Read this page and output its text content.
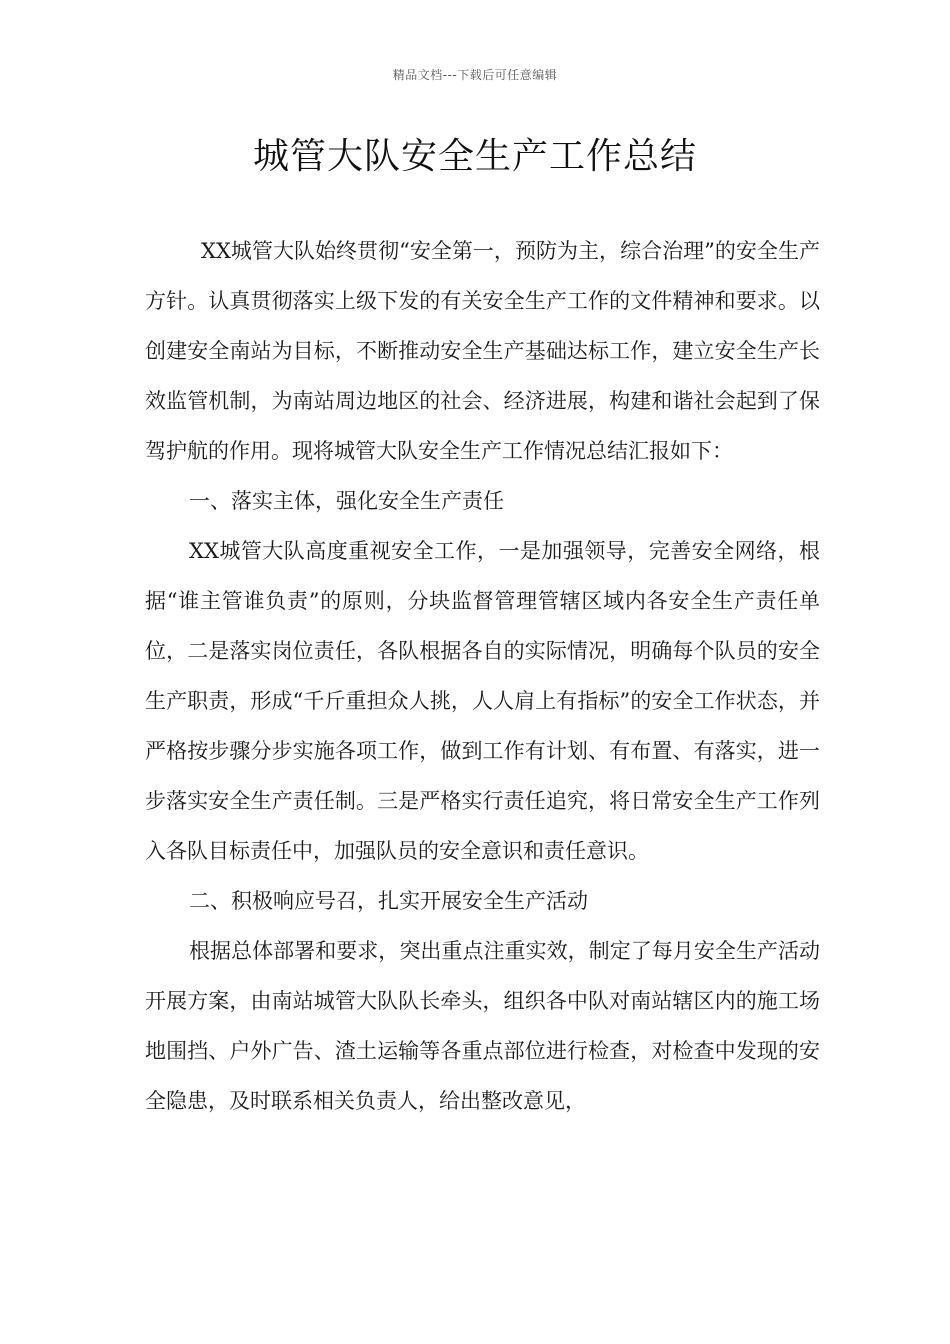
精品文档---下载后可任意编辑
城管大队安全生产工作总结

XX城管大队始终贯彻“安全第一，预防为主，综合治理”的安全生产方针。认真贯彻落实上级下发的有关安全生产工作的文件精神和要求。以创建安全南站为目标，不断推动安全生产基础达标工作，建立安全生产长效监管机制，为南站周边地区的社会、经济进展，构建和谐社会起到了保驾护航的作用。现将城管大队安全生产工作情况总结汇报如下：

一、落实主体，强化安全生产责任

XX城管大队高度重视安全工作，一是加强领导，完善安全网络，根据“谁主管谁负责”的原则，分块监督管理管辖区域内各安全生产责任单位，二是落实岗位责任，各队根据各自的实际情况，明确每个队员的安全生产职责，形成“千斤重担众人挑，人人肩上有指标”的安全工作状态，并严格按步骤分步实施各项工作，做到工作有计划、有布置、有落实，进一步落实安全生产责任制。三是严格实行责任追究，将日常安全生产工作列入各队目标责任中，加强队员的安全意识和责任意识。

二、积极响应号召，扎实开展安全生产活动

根据总体部署和要求，突出重点注重实效，制定了每月安全生产活动开展方案，由南站城管大队队长牵头，组织各中队对南站辖区内的施工场地围挡、户外广告、渣土运输等各重点部位进行检查，对检查中发现的安全隐患，及时联系相关负责人，给出整改意见，
